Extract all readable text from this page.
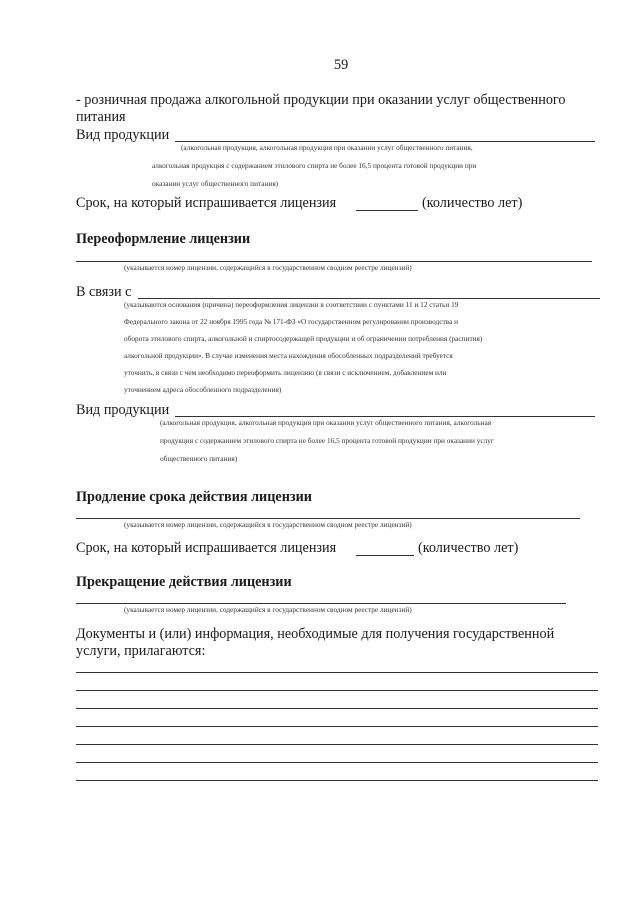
59
- розничная продажа алкогольной продукции при оказании услуг общественного
питания
Вид продукции
(алкогольная продукция, алкогольная продукция при оказании услуг общественного питания,
алкогольная продукция с содержанием этилового спирта не более 16,5 процента готовой продукции при
оказании услуг общественного питания)
Срок, на который испрашивается лицензия	(количество лет)
Переоформление лицензии
(указывается номер лицензии, содержащийся в государственном сводном реестре лицензий)
В связи с
(указываются основания (причина) переоформления лицензии в соответствии с пунктами 11 и 12 статьи 19
Федерального закона от 22 ноября 1995 года № 171-ФЗ «О государственном регулировании производства и
оборота этилового спирта, алкогольной и спиртосодержащей продукции и об ограничении потребления (распития)
алкогольной продукции». В случае изменения места нахождения обособленных подразделений требуется
уточнить, в связи с чем необходимо переоформить лицензию (в связи с исключением, добавлением или
уточнением адреса обособленного подразделения)
Вид продукции
(алкогольная продукция, алкогольная продукция при оказании услуг общественного питания, алкогольная
продукция с содержанием этилового спирта не более 16,5 процента готовой продукции при оказании услуг
общественного питания)
Продление срока действия лицензии
(указывается номер лицензии, содержащийся в государственном сводном реестре лицензий)
Срок, на который испрашивается лицензия	(количество лет)
Прекращение действия лицензии
(указывается номер лицензии, содержащийся в государственном сводном реестре лицензий)
Документы и (или) информация, необходимые для получения государственной
услуги, прилагаются:
